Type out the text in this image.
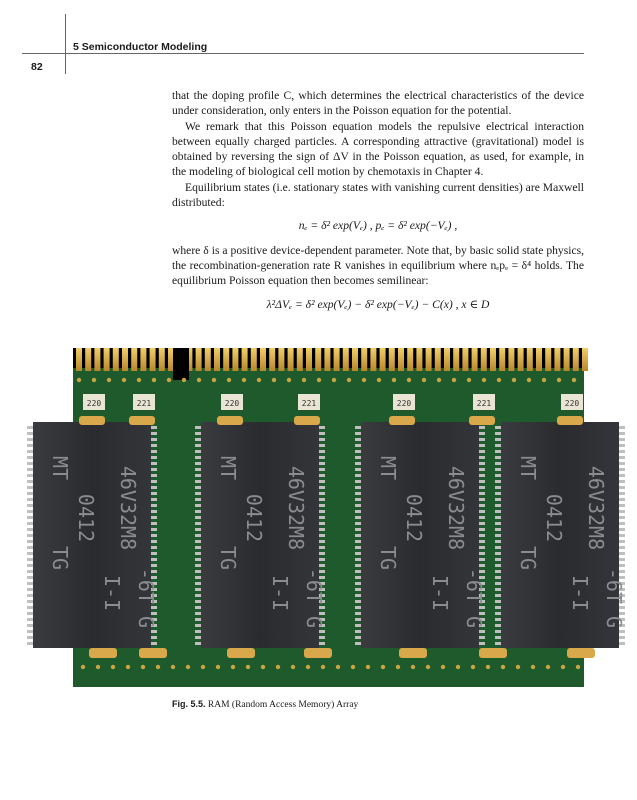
5 Semiconductor Modeling
82

that the doping profile C, which determines the electrical characteristics of the device under consideration, only enters in the Poisson equation for the potential.

We remark that this Poisson equation models the repulsive electrical interaction between equally charged particles. A corresponding attractive (gravitational) model is obtained by reversing the sign of ΔV in the Poisson equation, as used, for example, in the modeling of biological cell motion by chemotaxis in Chapter 4.

Equilibrium states (i.e. stationary states with vanishing current densities) are Maxwell distributed:

nₑ = δ² exp(Vₑ) , pₑ = δ² exp(−Vₑ) ,

where δ is a positive device-dependent parameter. Note that, by basic solid state physics, the recombination-generation rate R vanishes in equilibrium where nₑpₑ = δ⁴ holds. The equilibrium Poisson equation then becomes semilinear:

λ²ΔVₑ = δ² exp(Vₑ) − δ² exp(−Vₑ) − C(x) , x ∈ D
MT
TG
0412 46V32M8
-6T G
I-I
MT
TG
0412 46V32M8
-6T G
I-I
MT
TG
0412 46V32M8
-6T G
I-I
MT
TG
0412 46V32M8
-6T G
I-I
220	221	220	221	220	221	220
Fig. 5.5. RAM (Random Access Memory) Array
